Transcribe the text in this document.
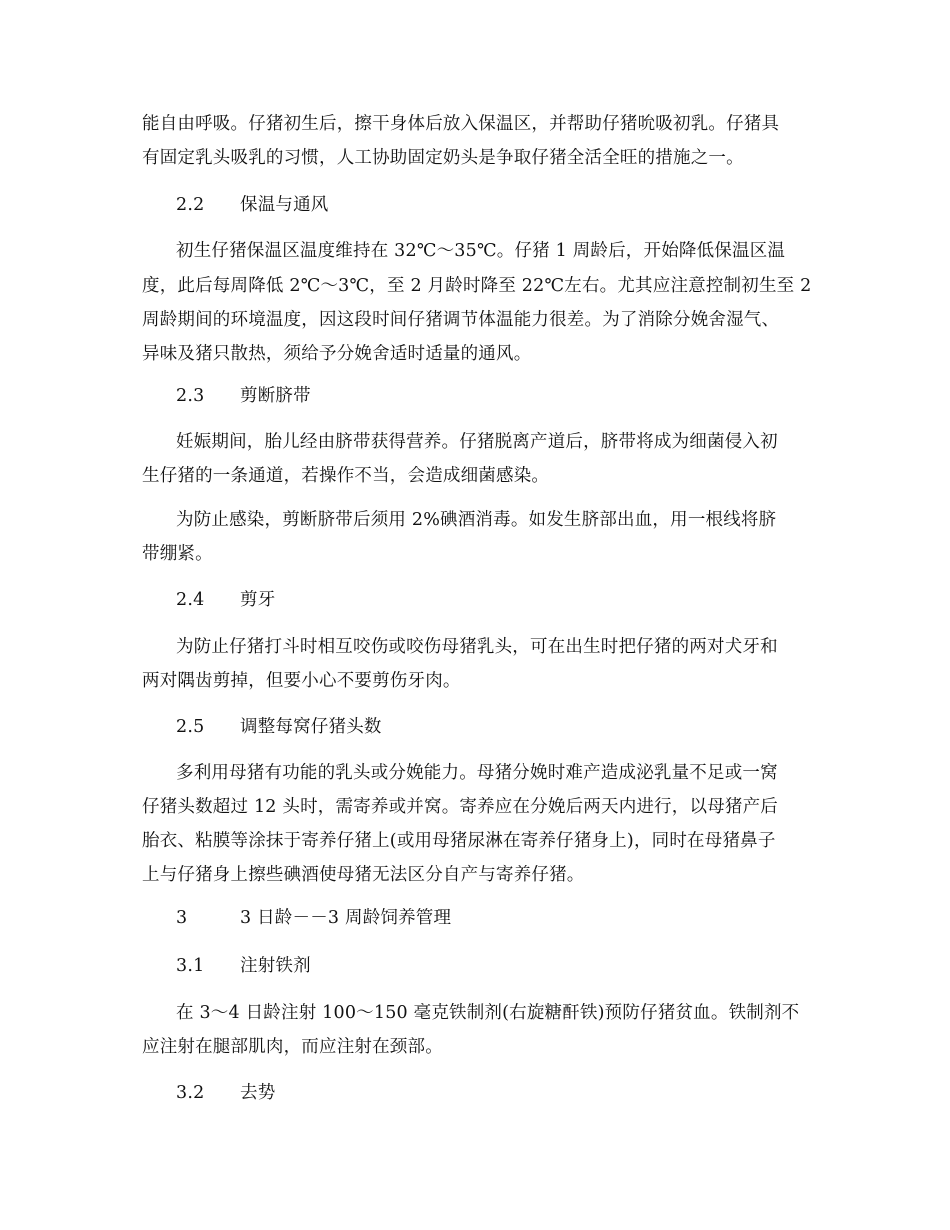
能自由呼吸。仔猪初生后，擦干身体后放入保温区，并帮助仔猪吮吸初乳。仔猪具
有固定乳头吸乳的习惯，人工协助固定奶头是争取仔猪全活全旺的措施之一。
2.2 保温与通风
初生仔猪保温区温度维持在 32℃～35℃。仔猪 1 周龄后，开始降低保温区温
度，此后每周降低 2℃～3℃，至 2 月龄时降至 22℃左右。尤其应注意控制初生至 2
周龄期间的环境温度，因这段时间仔猪调节体温能力很差。为了消除分娩舍湿气、
异味及猪只散热，须给予分娩舍适时适量的通风。
2.3 剪断脐带
妊娠期间，胎儿经由脐带获得营养。仔猪脱离产道后，脐带将成为细菌侵入初
生仔猪的一条通道，若操作不当，会造成细菌感染。
为防止感染，剪断脐带后须用 2%碘酒消毒。如发生脐部出血，用一根线将脐
带绷紧。
2.4 剪牙
为防止仔猪打斗时相互咬伤或咬伤母猪乳头，可在出生时把仔猪的两对犬牙和
两对隅齿剪掉，但要小心不要剪伤牙肉。
2.5 调整每窝仔猪头数
多利用母猪有功能的乳头或分娩能力。母猪分娩时难产造成泌乳量不足或一窝
仔猪头数超过 12 头时，需寄养或并窝。寄养应在分娩后两天内进行，以母猪产后
胎衣、粘膜等涂抹于寄养仔猪上(或用母猪尿淋在寄养仔猪身上)，同时在母猪鼻子
上与仔猪身上擦些碘酒使母猪无法区分自产与寄养仔猪。
3	3 日龄－－3 周龄饲养管理
3.1 注射铁剂
在 3～4 日龄注射 100～150 毫克铁制剂(右旋糖酐铁)预防仔猪贫血。铁制剂不
应注射在腿部肌肉，而应注射在颈部。
3.2 去势
